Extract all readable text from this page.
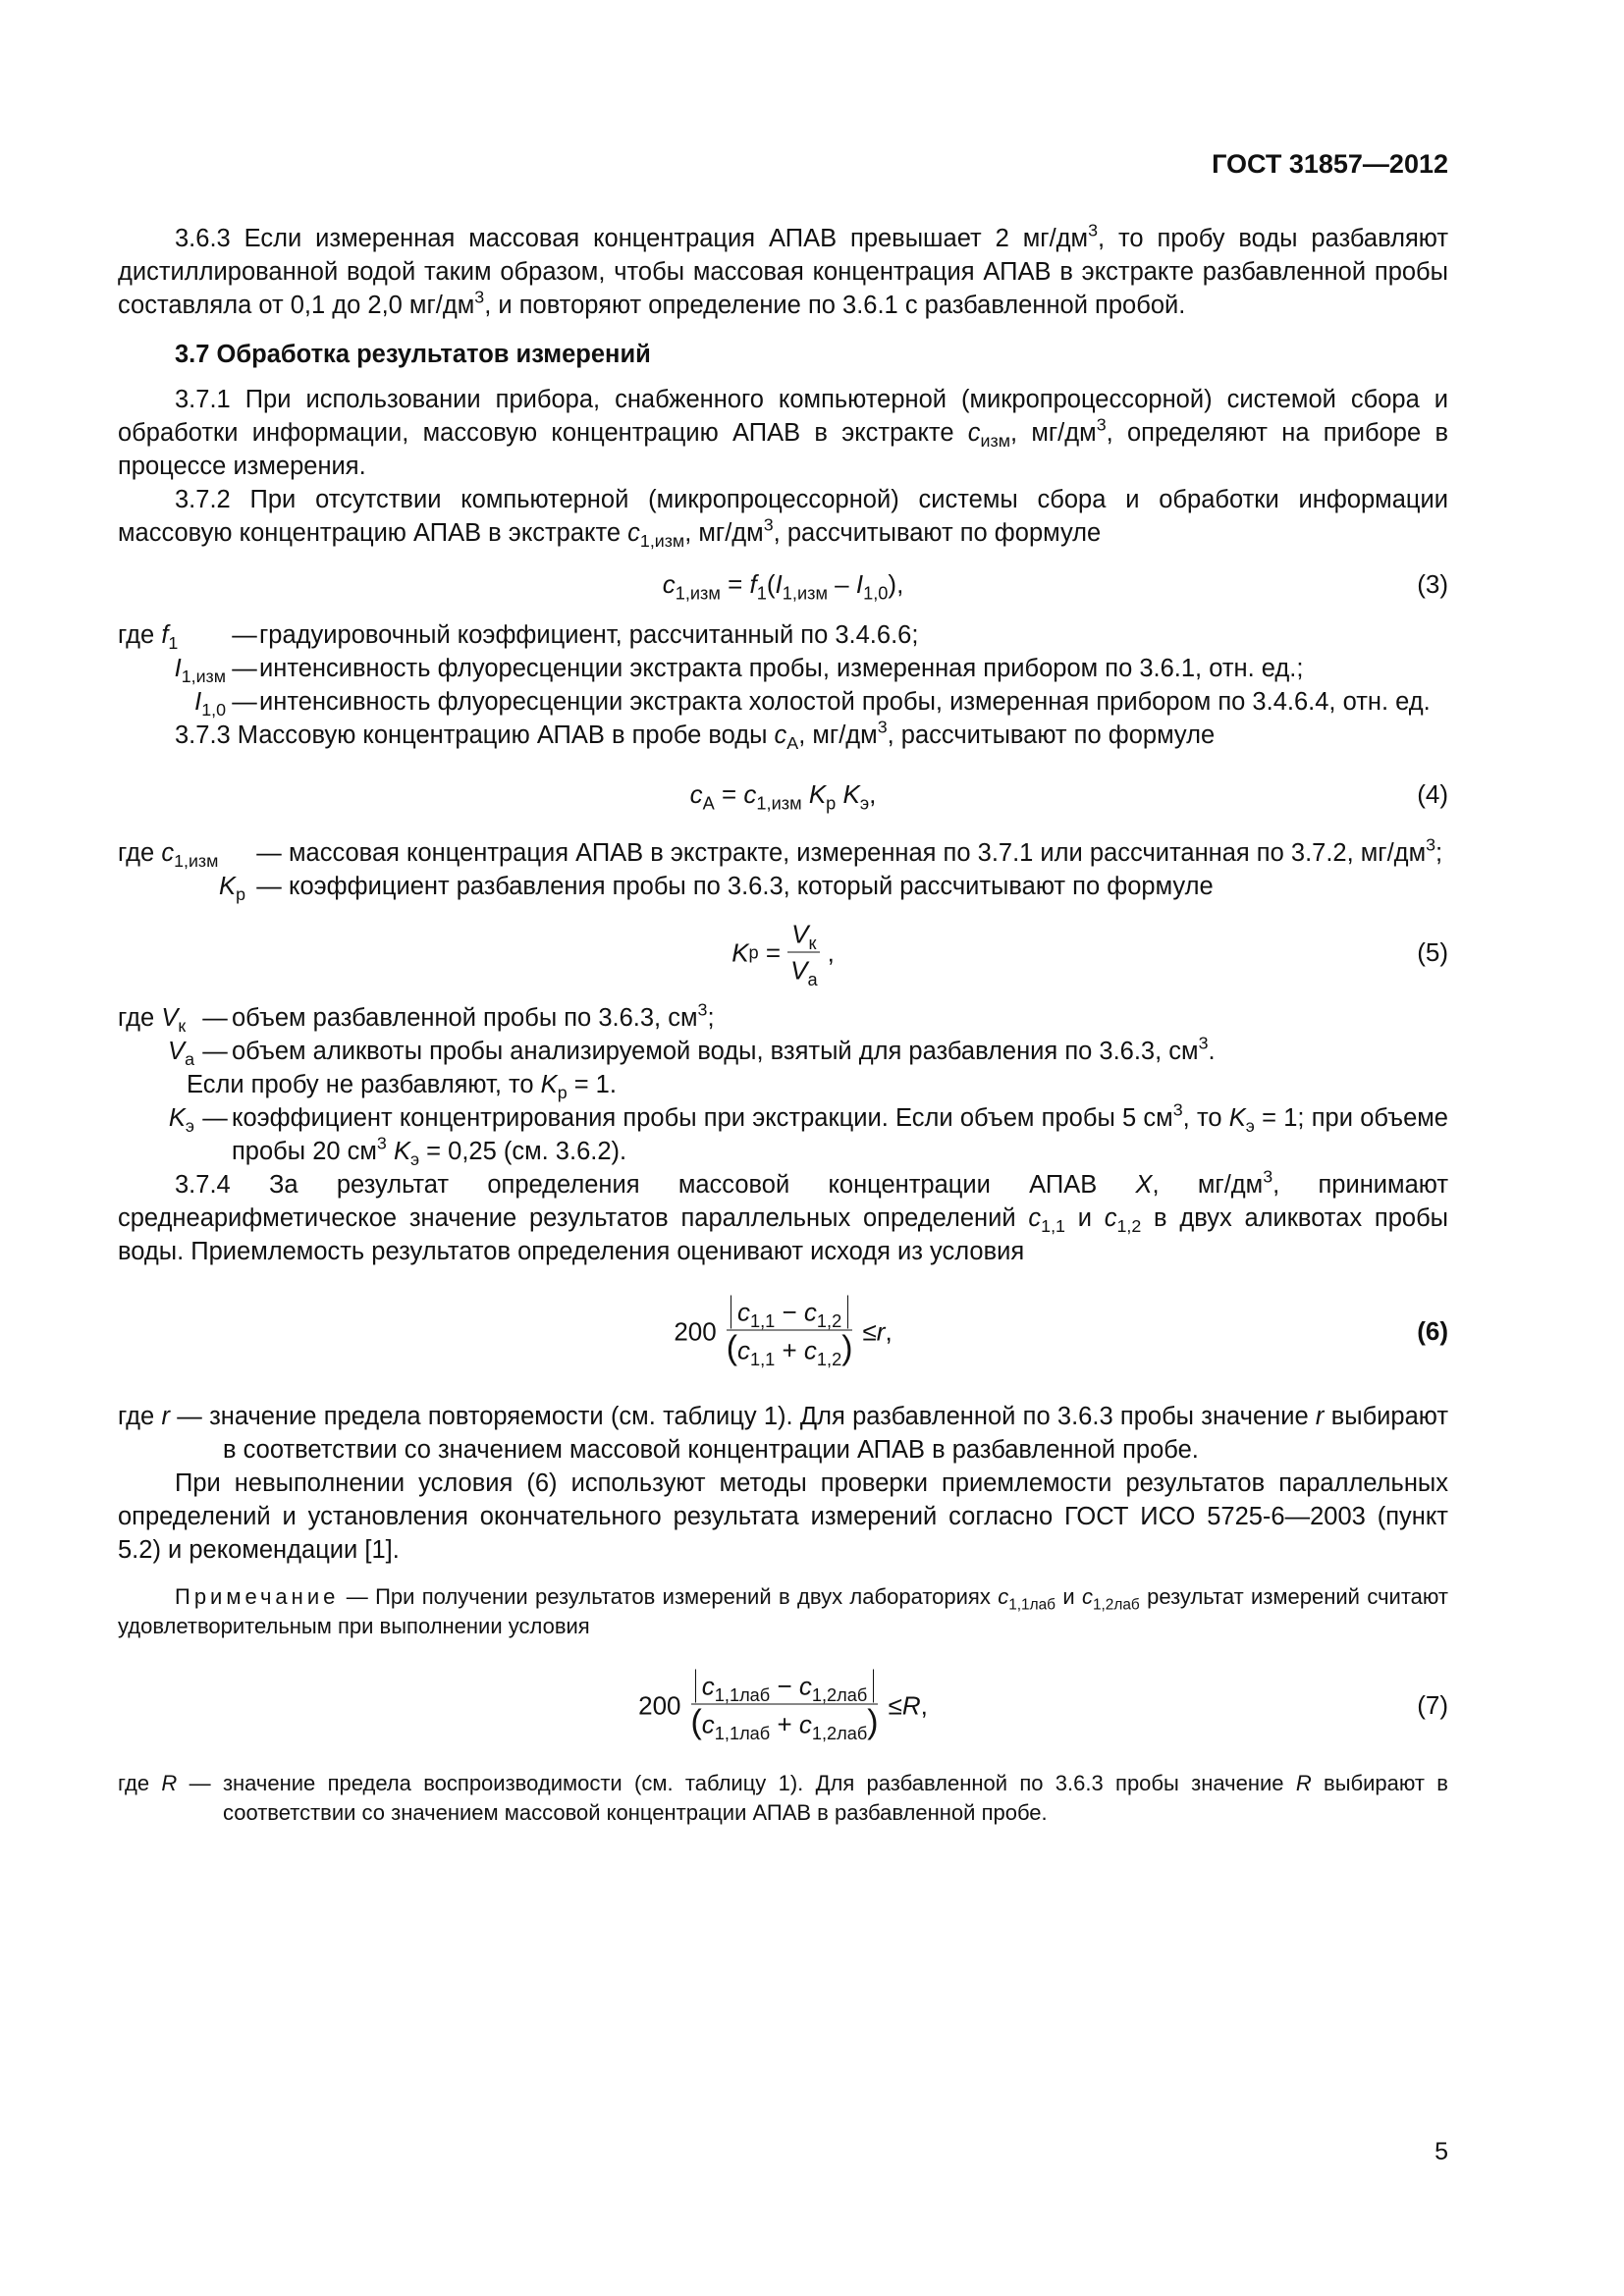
ГОСТ 31857—2012

3.6.3 Если измеренная массовая концентрация АПАВ превышает 2 $мг/дм^3$, то пробу воды разбавляют дистиллированной водой таким образом, чтобы массовая концентрация АПАВ в экстракте разбавленной пробы составляла от 0,1 до 2,0 $мг/дм^3$, и повторяют определение по 3.6.1 с разбавленной пробой.

3.7 Обработка результатов измерений

3.7.1 При использовании прибора, снабженного компьютерной (микропроцессорной) системой сбора и обработки информации, массовую концентрацию АПАВ в экстракте $c_{изм}$, $мг/дм^3$, определяют на приборе в процессе измерения.

3.7.2 При отсутствии компьютерной (микропроцессорной) системы сбора и обработки информации массовую концентрацию АПАВ в экстракте $c_{1,изм}$, $мг/дм^3$, рассчитывают по формуле

$c_{1,изм} = f_1(I_{1,изм} - I_{1,0})$,	(3)
где $f_1$	— градуировочный коэффициент, рассчитанный по 3.4.6.6;
$I_{1,изм}$ — интенсивность флуоресценции экстракта пробы, измеренная прибором по 3.6.1, отн. ед.;
$I_{1,0}$ — интенсивность флуоресценции экстракта холостой пробы, измеренная прибором по 3.4.6.4, отн. ед.

3.7.3 Массовую концентрацию АПАВ в пробе воды $c_А$, $мг/дм^3$, рассчитывают по формуле

$c_А = c_{1,изм}$ $K_р$ $K_э$,	(4)
где $c_{1,изм}$	— массовая концентрация АПАВ в экстракте, измеренная по 3.7.1 или рассчитанная по 3.7.2, $мг/дм^3$;
$K_р$ — коэффициент разбавления пробы по 3.6.3, который рассчитывают по формуле
K $р = \frac{V_к}{V_а}$ ,	(5)
где $V_к$ — объем разбавленной пробы по 3.6.3, $см^3$;
$V_а$ — объем аликвоты пробы анализируемой воды, взятый для разбавления по 3.6.3, $см^3$.

Если пробу не разбавляют, то $K_р = 1$.

$K_э$ — коэффициент концентрирования пробы при экстракции. Если объем пробы 5 $см^3$, то $K_э = 1$; при объеме пробы 20 $см^3$ $K_э = 0,25$ (см. 3.6.2).

3.7.4 За результат определения массовой концентрации АПАВ X, $мг/дм^3$, принимают среднеарифметическое значение результатов параллельных определений $c_{1,1}$ и $c_{1,2}$ в двух аликвотах пробы воды. Приемлемость результатов определения оценивают исходя из условия

$200 \frac{c_{1,1} - c_{1,2}}{(c_{1,1} + c_{1,2})} \le r$ ,	(6)

где r — значение предела повторяемости (см. таблицу 1). Для разбавленной по 3.6.3 пробы значение r выбирают в соответствии со значением массовой концентрации АПАВ в разбавленной пробе.

При невыполнении условия (6) используют методы проверки приемлемости результатов параллельных определений и установления окончательного результата измерений согласно ГОСТ ИСО 5725-6—2003 (пункт 5.2) и рекомендации [1].

Примечание — При получении результатов измерений в двух лабораториях $c_{1,1лаб}$ и $c_{1,2лаб}$ результат измерений считают удовлетворительным при выполнении условия

$200 \frac{c_{1,1лаб} - c_{1,2лаб}}{(c_{1,1лаб} + c_{1,2лаб})} \le R$ ,	(7)

где R — значение предела воспроизводимости (см. таблицу 1). Для разбавленной по 3.6.3 пробы значение R выбирают в соответствии со значением массовой концентрации АПАВ в разбавленной пробе.

5
